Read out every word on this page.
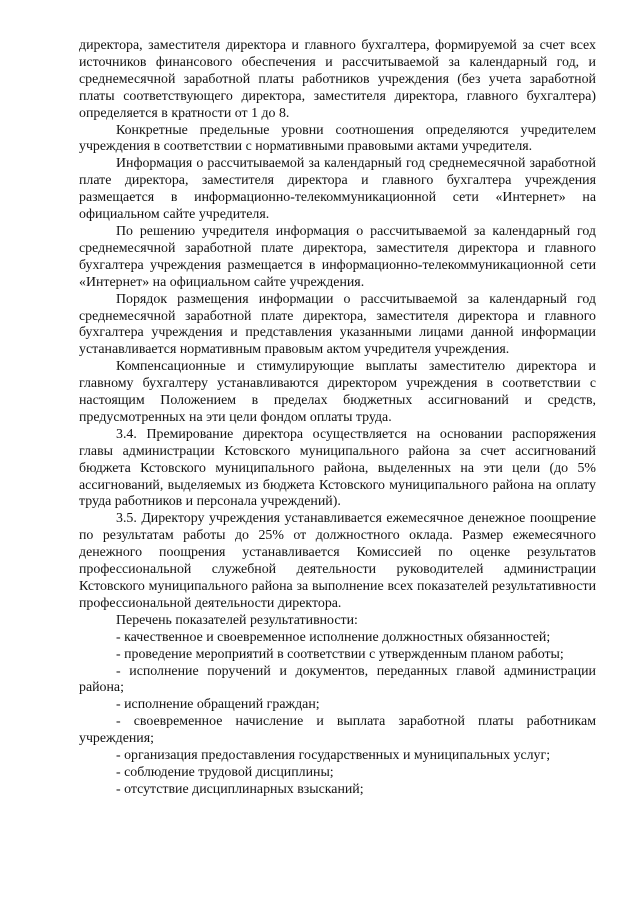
директора, заместителя директора и главного бухгалтера, формируемой за счет всех источников финансового обеспечения и рассчитываемой за календарный год, и среднемесячной заработной платы работников учреждения (без учета заработной платы соответствующего директора, заместителя директора, главного бухгалтера) определяется в кратности от 1 до 8.

Конкретные предельные уровни соотношения определяются учредителем учреждения в соответствии с нормативными правовыми актами учредителя.

Информация о рассчитываемой за календарный год среднемесячной заработной плате директора, заместителя директора и главного бухгалтера учреждения размещается в информационно-телекоммуникационной сети «Интернет» на официальном сайте учредителя.

По решению учредителя информация о рассчитываемой за календарный год среднемесячной заработной плате директора, заместителя директора и главного бухгалтера учреждения размещается в информационно-телекоммуникационной сети «Интернет» на официальном сайте учреждения.

Порядок размещения информации о рассчитываемой за календарный год среднемесячной заработной плате директора, заместителя директора и главного бухгалтера учреждения и представления указанными лицами данной информации устанавливается нормативным правовым актом учредителя учреждения.

Компенсационные и стимулирующие выплаты заместителю директора и главному бухгалтеру устанавливаются директором учреждения в соответствии с настоящим Положением в пределах бюджетных ассигнований и средств, предусмотренных на эти цели фондом оплаты труда.

3.4. Премирование директора осуществляется на основании распоряжения главы администрации Кстовского муниципального района за счет ассигнований бюджета Кстовского муниципального района, выделенных на эти цели (до 5% ассигнований, выделяемых из бюджета Кстовского муниципального района на оплату труда работников и персонала учреждений).

3.5. Директору учреждения устанавливается ежемесячное денежное поощрение по результатам работы до 25% от должностного оклада. Размер ежемесячного денежного поощрения устанавливается Комиссией по оценке результатов профессиональной служебной деятельности руководителей администрации Кстовского муниципального района за выполнение всех показателей результативности профессиональной деятельности директора.

Перечень показателей результативности:

- качественное и своевременное исполнение должностных обязанностей;

- проведение мероприятий в соответствии с утвержденным планом работы;

- исполнение поручений и документов, переданных главой администрации района;

- исполнение обращений граждан;

- своевременное начисление и выплата заработной платы работникам учреждения;

- организация предоставления государственных и муниципальных услуг;

- соблюдение трудовой дисциплины;

- отсутствие дисциплинарных взысканий;
